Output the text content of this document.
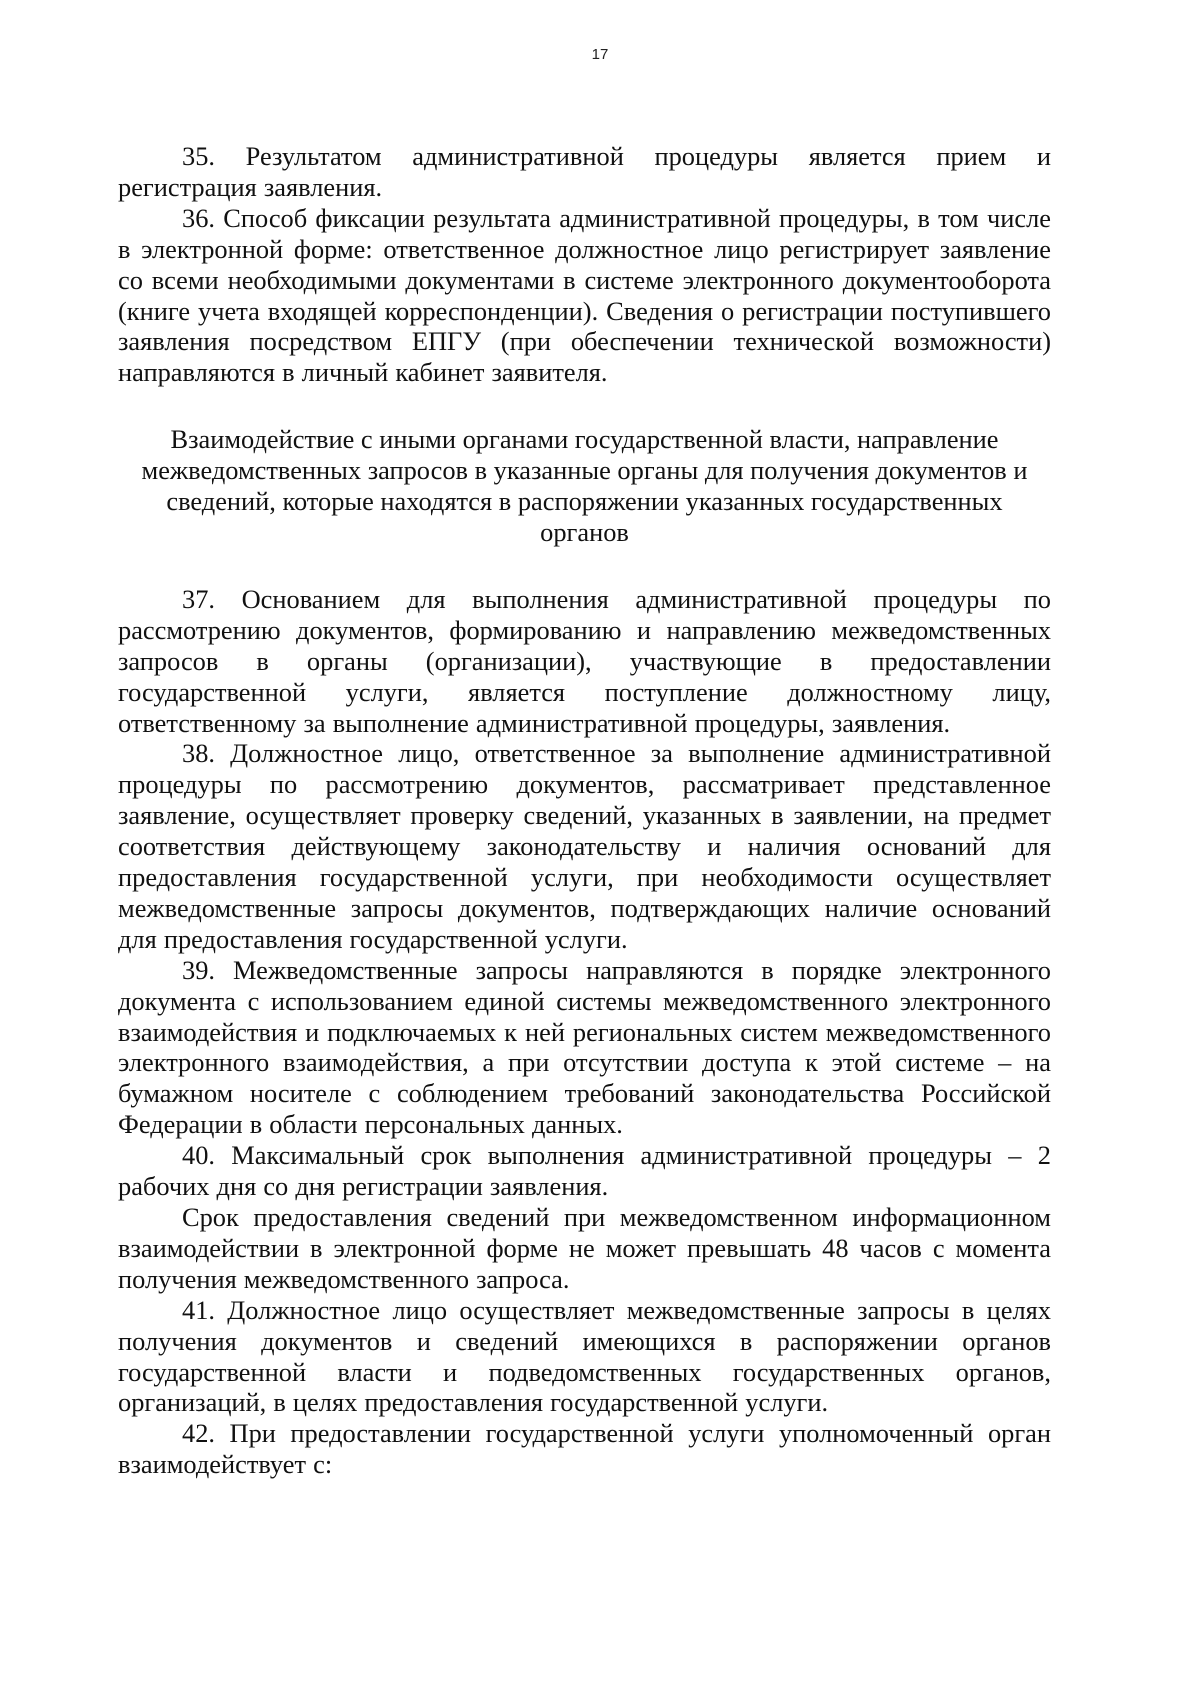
17

35. Результатом административной процедуры является прием и регистрация заявления.

36. Способ фиксации результата административной процедуры, в том числе в электронной форме: ответственное должностное лицо регистрирует заявление со всеми необходимыми документами в системе электронного документооборота (книге учета входящей корреспонденции). Сведения о регистрации поступившего заявления посредством ЕПГУ (при обеспечении технической возможности) направляются в личный кабинет заявителя.

Взаимодействие с иными органами государственной власти, направление межведомственных запросов в указанные органы для получения документов и сведений, которые находятся в распоряжении указанных государственных органов

37. Основанием для выполнения административной процедуры по рассмотрению документов, формированию и направлению межведомственных запросов в органы (организации), участвующие в предоставлении государственной услуги, является поступление должностному лицу, ответственному за выполнение административной процедуры, заявления.

38. Должностное лицо, ответственное за выполнение административной процедуры по рассмотрению документов, рассматривает представленное заявление, осуществляет проверку сведений, указанных в заявлении, на предмет соответствия действующему законодательству и наличия оснований для предоставления государственной услуги, при необходимости осуществляет межведомственные запросы документов, подтверждающих наличие оснований для предоставления государственной услуги.

39. Межведомственные запросы направляются в порядке электронного документа с использованием единой системы межведомственного электронного взаимодействия и подключаемых к ней региональных систем межведомственного электронного взаимодействия, а при отсутствии доступа к этой системе – на бумажном носителе с соблюдением требований законодательства Российской Федерации в области персональных данных.

40. Максимальный срок выполнения административной процедуры – 2 рабочих дня со дня регистрации заявления.

Срок предоставления сведений при межведомственном информационном взаимодействии в электронной форме не может превышать 48 часов с момента получения межведомственного запроса.

41. Должностное лицо осуществляет межведомственные запросы в целях получения документов и сведений имеющихся в распоряжении органов государственной власти и подведомственных государственных органов, организаций, в целях предоставления государственной услуги.

42. При предоставлении государственной услуги уполномоченный орган взаимодействует с:
